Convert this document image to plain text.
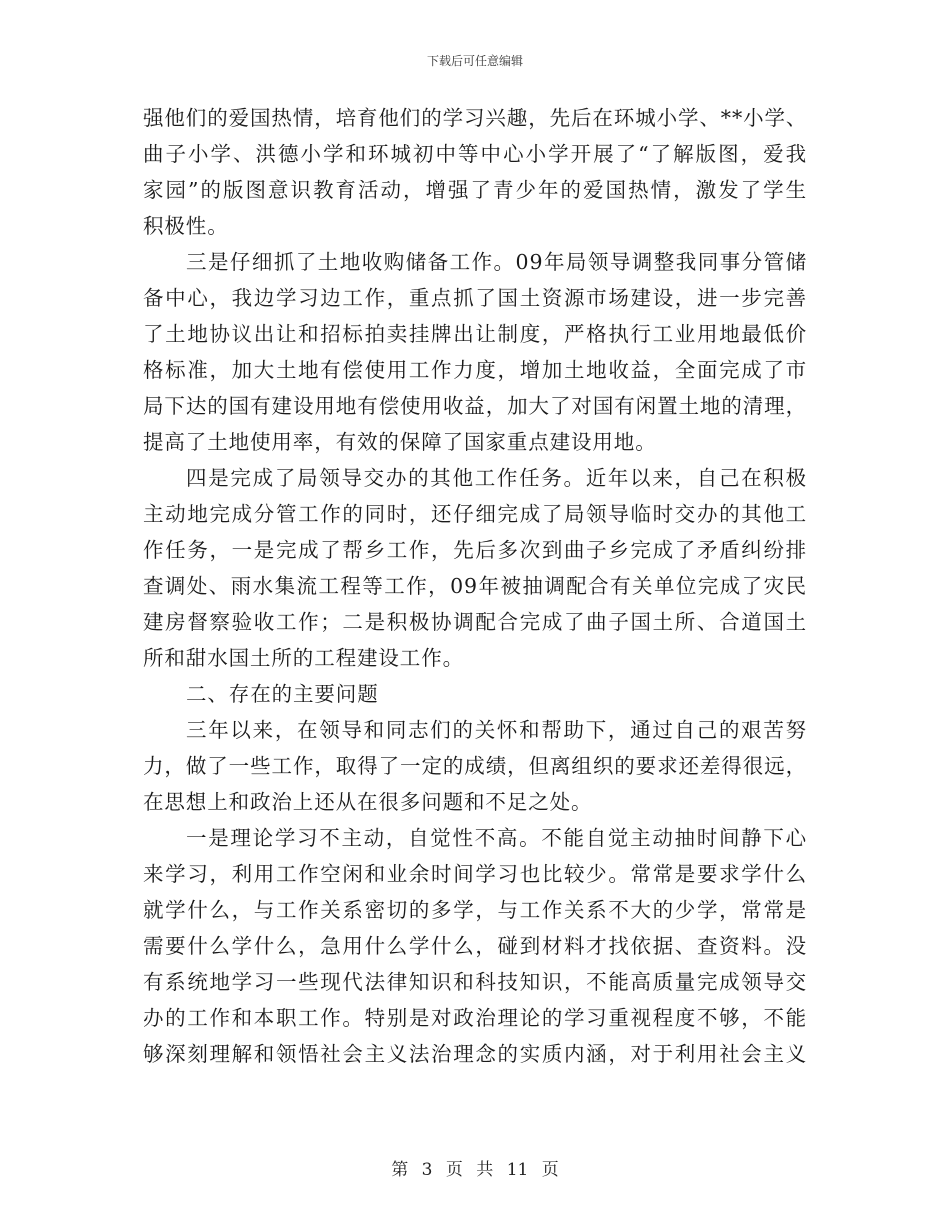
下载后可任意编辑
强他们的爱国热情，培育他们的学习兴趣，先后在环城小学、**小学、
曲子小学、洪德小学和环城初中等中心小学开展了“了解版图，爱我
家园”的版图意识教育活动，增强了青少年的爱国热情，激发了学生
积极性。
三是仔细抓了土地收购储备工作。09年局领导调整我同事分管储
备中心，我边学习边工作，重点抓了国土资源市场建设，进一步完善
了土地协议出让和招标拍卖挂牌出让制度，严格执行工业用地最低价
格标准，加大土地有偿使用工作力度，增加土地收益，全面完成了市
局下达的国有建设用地有偿使用收益，加大了对国有闲置土地的清理，
提高了土地使用率，有效的保障了国家重点建设用地。
四是完成了局领导交办的其他工作任务。近年以来，自己在积极
主动地完成分管工作的同时，还仔细完成了局领导临时交办的其他工
作任务，一是完成了帮乡工作，先后多次到曲子乡完成了矛盾纠纷排
查调处、雨水集流工程等工作，09年被抽调配合有关单位完成了灾民
建房督察验收工作；二是积极协调配合完成了曲子国土所、合道国土
所和甜水国土所的工程建设工作。
二、存在的主要问题
三年以来，在领导和同志们的关怀和帮助下，通过自己的艰苦努
力，做了一些工作，取得了一定的成绩，但离组织的要求还差得很远，
在思想上和政治上还从在很多问题和不足之处。
一是理论学习不主动，自觉性不高。不能自觉主动抽时间静下心
来学习，利用工作空闲和业余时间学习也比较少。常常是要求学什么
就学什么，与工作关系密切的多学，与工作关系不大的少学，常常是
需要什么学什么，急用什么学什么，碰到材料才找依据、查资料。没
有系统地学习一些现代法律知识和科技知识，不能高质量完成领导交
办的工作和本职工作。特别是对政治理论的学习重视程度不够，不能
够深刻理解和领悟社会主义法治理念的实质内涵，对于利用社会主义
第 3 页 共 11 页
